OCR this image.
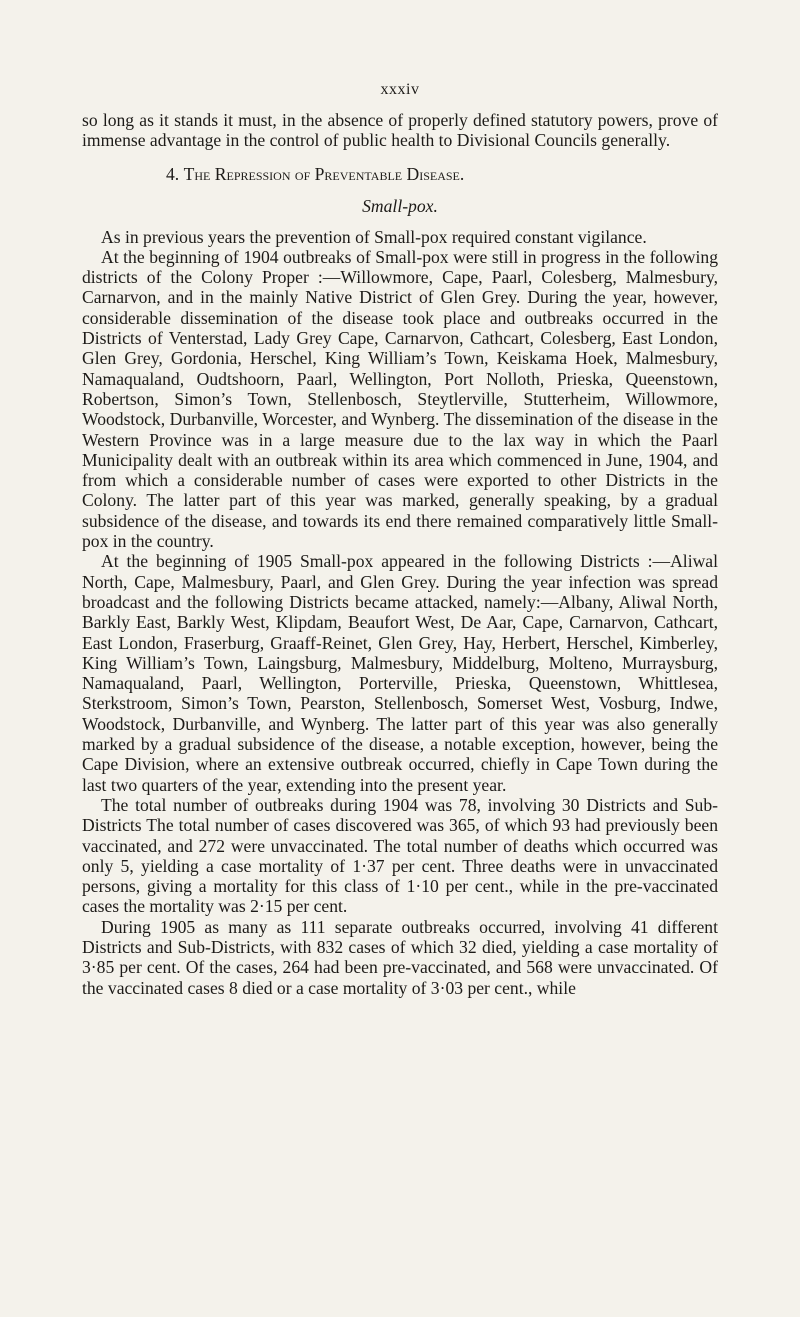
xxxiv

so long as it stands it must, in the absence of properly defined statutory powers, prove of immense advantage in the control of public health to Divisional Councils generally.

4. The Repression of Preventable Disease.

Small-pox.

As in previous years the prevention of Small-pox required constant vigilance.

At the beginning of 1904 outbreaks of Small-pox were still in progress in the following districts of the Colony Proper :—Willowmore, Cape, Paarl, Colesberg, Malmesbury, Carnarvon, and in the mainly Native District of Glen Grey. During the year, however, considerable dissemination of the disease took place and outbreaks occurred in the Districts of Venterstad, Lady Grey Cape, Carnarvon, Cathcart, Colesberg, East London, Glen Grey, Gordonia, Herschel, King William’s Town, Keiskama Hoek, Malmesbury, Namaqualand, Oudtshoorn, Paarl, Wellington, Port Nolloth, Prieska, Queenstown, Robertson, Simon’s Town, Stellenbosch, Steytlerville, Stutterheim, Willowmore, Woodstock, Durbanville, Worcester, and Wynberg. The dissemination of the disease in the Western Province was in a large measure due to the lax way in which the Paarl Municipality dealt with an outbreak within its area which commenced in June, 1904, and from which a considerable number of cases were exported to other Districts in the Colony. The latter part of this year was marked, generally speaking, by a gradual subsidence of the disease, and towards its end there remained comparatively little Small-pox in the country.

At the beginning of 1905 Small-pox appeared in the following Districts :—Aliwal North, Cape, Malmesbury, Paarl, and Glen Grey. During the year infection was spread broadcast and the following Districts became attacked, namely:—Albany, Aliwal North, Barkly East, Barkly West, Klipdam, Beaufort West, De Aar, Cape, Carnarvon, Cathcart, East London, Fraserburg, Graaff-Reinet, Glen Grey, Hay, Herbert, Herschel, Kimberley, King William’s Town, Laingsburg, Malmesbury, Middelburg, Molteno, Murraysburg, Namaqualand, Paarl, Wellington, Porterville, Prieska, Queenstown, Whittlesea, Sterkstroom, Simon’s Town, Pearston, Stellenbosch, Somerset West, Vosburg, Indwe, Woodstock, Durbanville, and Wynberg. The latter part of this year was also generally marked by a gradual subsidence of the disease, a notable exception, however, being the Cape Division, where an extensive outbreak occurred, chiefly in Cape Town during the last two quarters of the year, extending into the present year.

The total number of outbreaks during 1904 was 78, involving 30 Districts and Sub-Districts The total number of cases discovered was 365, of which 93 had previously been vaccinated, and 272 were unvaccinated. The total number of deaths which occurred was only 5, yielding a case mortality of 1·37 per cent. Three deaths were in unvaccinated persons, giving a mortality for this class of 1·10 per cent., while in the pre-vaccinated cases the mortality was 2·15 per cent.

During 1905 as many as 111 separate outbreaks occurred, involving 41 different Districts and Sub-Districts, with 832 cases of which 32 died, yielding a case mortality of 3·85 per cent. Of the cases, 264 had been pre-vaccinated, and 568 were unvaccinated. Of the vaccinated cases 8 died or a case mortality of 3·03 per cent., while
